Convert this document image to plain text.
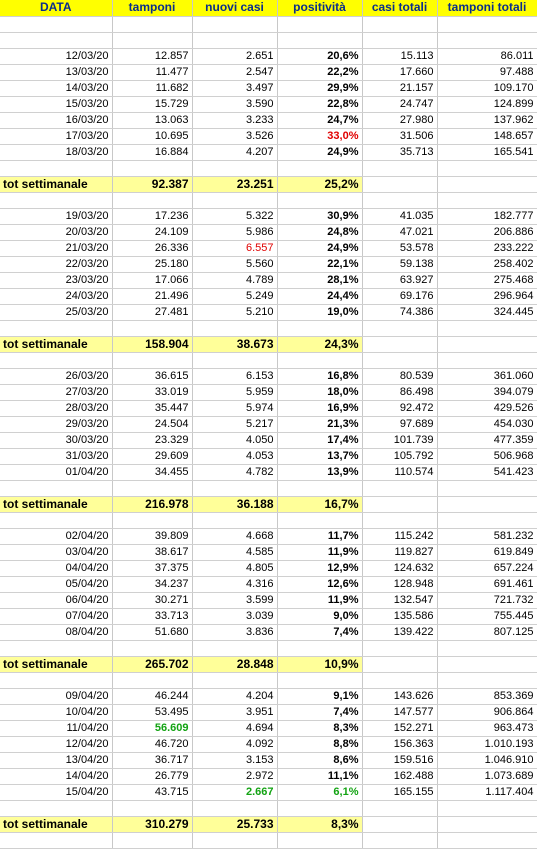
DATA	tamponi	nuovi casi	positività	casi totali	tamponi totali

12/03/20	12.857	2.651	20,6%	15.113	86.011
13/03/20	11.477	2.547	22,2%	17.660	97.488
14/03/20	11.682	3.497	29,9%	21.157	109.170
15/03/20	15.729	3.590	22,8%	24.747	124.899
16/03/20	13.063	3.233	24,7%	27.980	137.962
17/03/20	10.695	3.526	33,0%	31.506	148.657
18/03/20	16.884	4.207	24,9%	35.713	165.541

tot settimanale	92.387	23.251	25,2%		

19/03/20	17.236	5.322	30,9%	41.035	182.777
20/03/20	24.109	5.986	24,8%	47.021	206.886
21/03/20	26.336	6.557	24,9%	53.578	233.222
22/03/20	25.180	5.560	22,1%	59.138	258.402
23/03/20	17.066	4.789	28,1%	63.927	275.468
24/03/20	21.496	5.249	24,4%	69.176	296.964
25/03/20	27.481	5.210	19,0%	74.386	324.445

tot settimanale	158.904	38.673	24,3%		

26/03/20	36.615	6.153	16,8%	80.539	361.060
27/03/20	33.019	5.959	18,0%	86.498	394.079
28/03/20	35.447	5.974	16,9%	92.472	429.526
29/03/20	24.504	5.217	21,3%	97.689	454.030
30/03/20	23.329	4.050	17,4%	101.739	477.359
31/03/20	29.609	4.053	13,7%	105.792	506.968
01/04/20	34.455	4.782	13,9%	110.574	541.423

tot settimanale	216.978	36.188	16,7%		

02/04/20	39.809	4.668	11,7%	115.242	581.232
03/04/20	38.617	4.585	11,9%	119.827	619.849
04/04/20	37.375	4.805	12,9%	124.632	657.224
05/04/20	34.237	4.316	12,6%	128.948	691.461
06/04/20	30.271	3.599	11,9%	132.547	721.732
07/04/20	33.713	3.039	9,0%	135.586	755.445
08/04/20	51.680	3.836	7,4%	139.422	807.125

tot settimanale	265.702	28.848	10,9%		

09/04/20	46.244	4.204	9,1%	143.626	853.369
10/04/20	53.495	3.951	7,4%	147.577	906.864
11/04/20	56.609	4.694	8,3%	152.271	963.473
12/04/20	46.720	4.092	8,8%	156.363	1.010.193
13/04/20	36.717	3.153	8,6%	159.516	1.046.910
14/04/20	26.779	2.972	11,1%	162.488	1.073.689
15/04/20	43.715	2.667	6,1%	165.155	1.117.404

tot settimanale	310.279	25.733	8,3%		
